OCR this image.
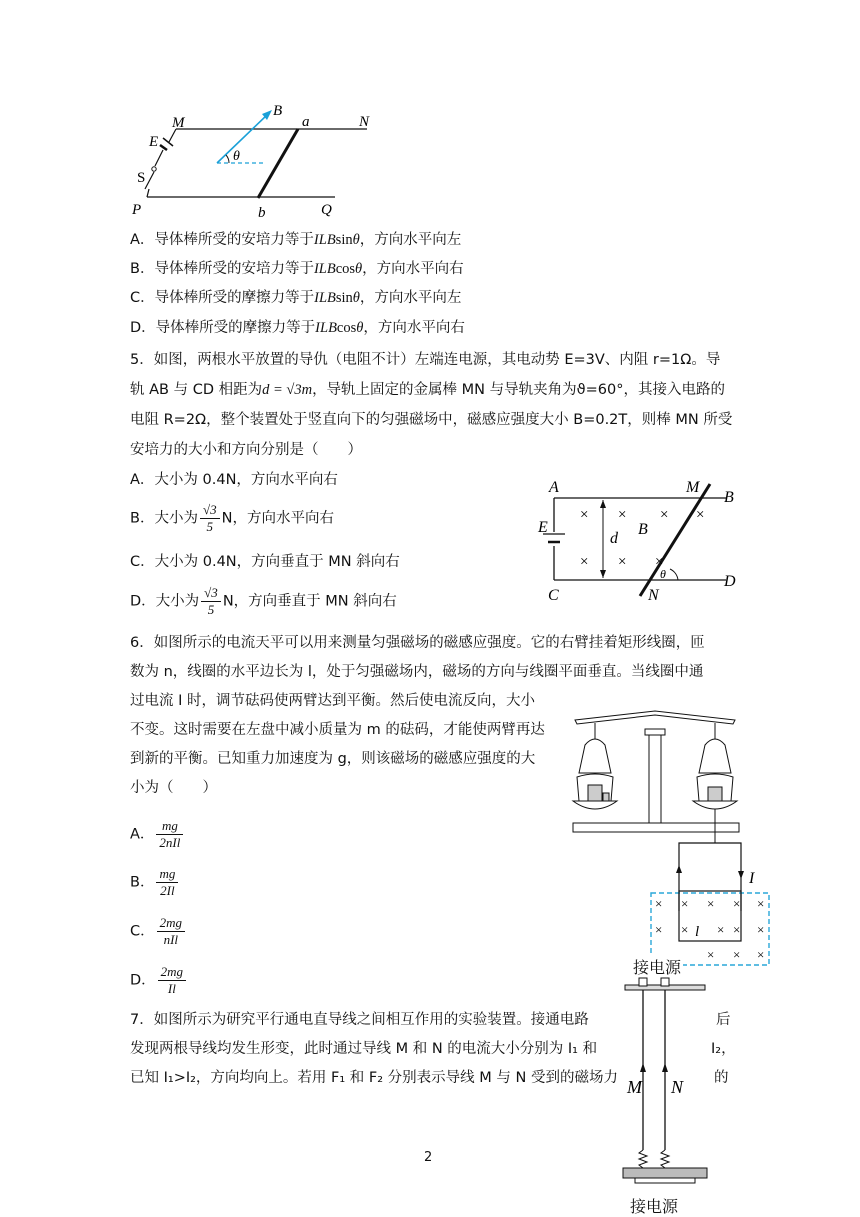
M	N
B
a
E
S
θ
P	b	Q
A．导体棒所受的安培力等于ILBsinθ，方向水平向左
B．导体棒所受的安培力等于ILBcosθ，方向水平向右
C．导体棒所受的摩擦力等于ILBsinθ，方向水平向左
D．导体棒所受的摩擦力等于ILBcosθ，方向水平向右
5．如图，两根水平放置的导仇（电阻不计）左端连电源，其电动势 E=3V、内阻 r=1Ω。导
轨 AB 与 CD 相距为d = √3m，导轨上固定的金属棒 MN 与导轨夹角为ϑ=60°，其接入电路的
电阻 R=2Ω，整个装置处于竖直向下的匀强磁场中，磁感应强度大小 B=0.2T，则棒 MN 所受
安培力的大小和方向分别是（　　）
A．大小为 0.4N，方向水平向右
B．大小为 $\frac{√3}{5}$ N，方向水平向右
C．大小为 0.4N，方向垂直于 MN 斜向右
D．大小为 $\frac{√3}{5}$ N，方向垂直于 MN 斜向右
× × × ×
× × ×
A	M
B
E
d
B
C	N
D
θ
6．如图所示的电流天平可以用来测量匀强磁场的磁感应强度。它的右臂挂着矩形线圈，匝
数为 n，线圈的水平边长为 l，处于匀强磁场内，磁场的方向与线圈平面垂直。当线圈中通
过电流 I 时，调节砝码使两臂达到平衡。然后使电流反向，大小
不变。这时需要在左盘中减小质量为 m 的砝码，才能使两臂再达
到新的平衡。已知重力加速度为 g，则该磁场的磁感应强度的大
小为（　　）
A． $\frac{mg}{\text{2nIl}}$
B． $\frac{mg}{2Il}$
C． $\frac{2mg}{\text{nIl}}$
D． $\frac{2mg}{Il}$
I
× × × × ×
× × × × ×
× × ×
l
接电源
7．如图所示为研究平行通电直导线之间相互作用的实验装置。接通电路	后
发现两根导线均发生形变，此时通过导线 M 和 N 的电流大小分别为 I₁ 和	I₂，
已知 I₁>I₂，方向均向上。若用 F₁ 和 F₂ 分别表示导线 M 与 N 受到的磁场力	的
M N
接电源
2
